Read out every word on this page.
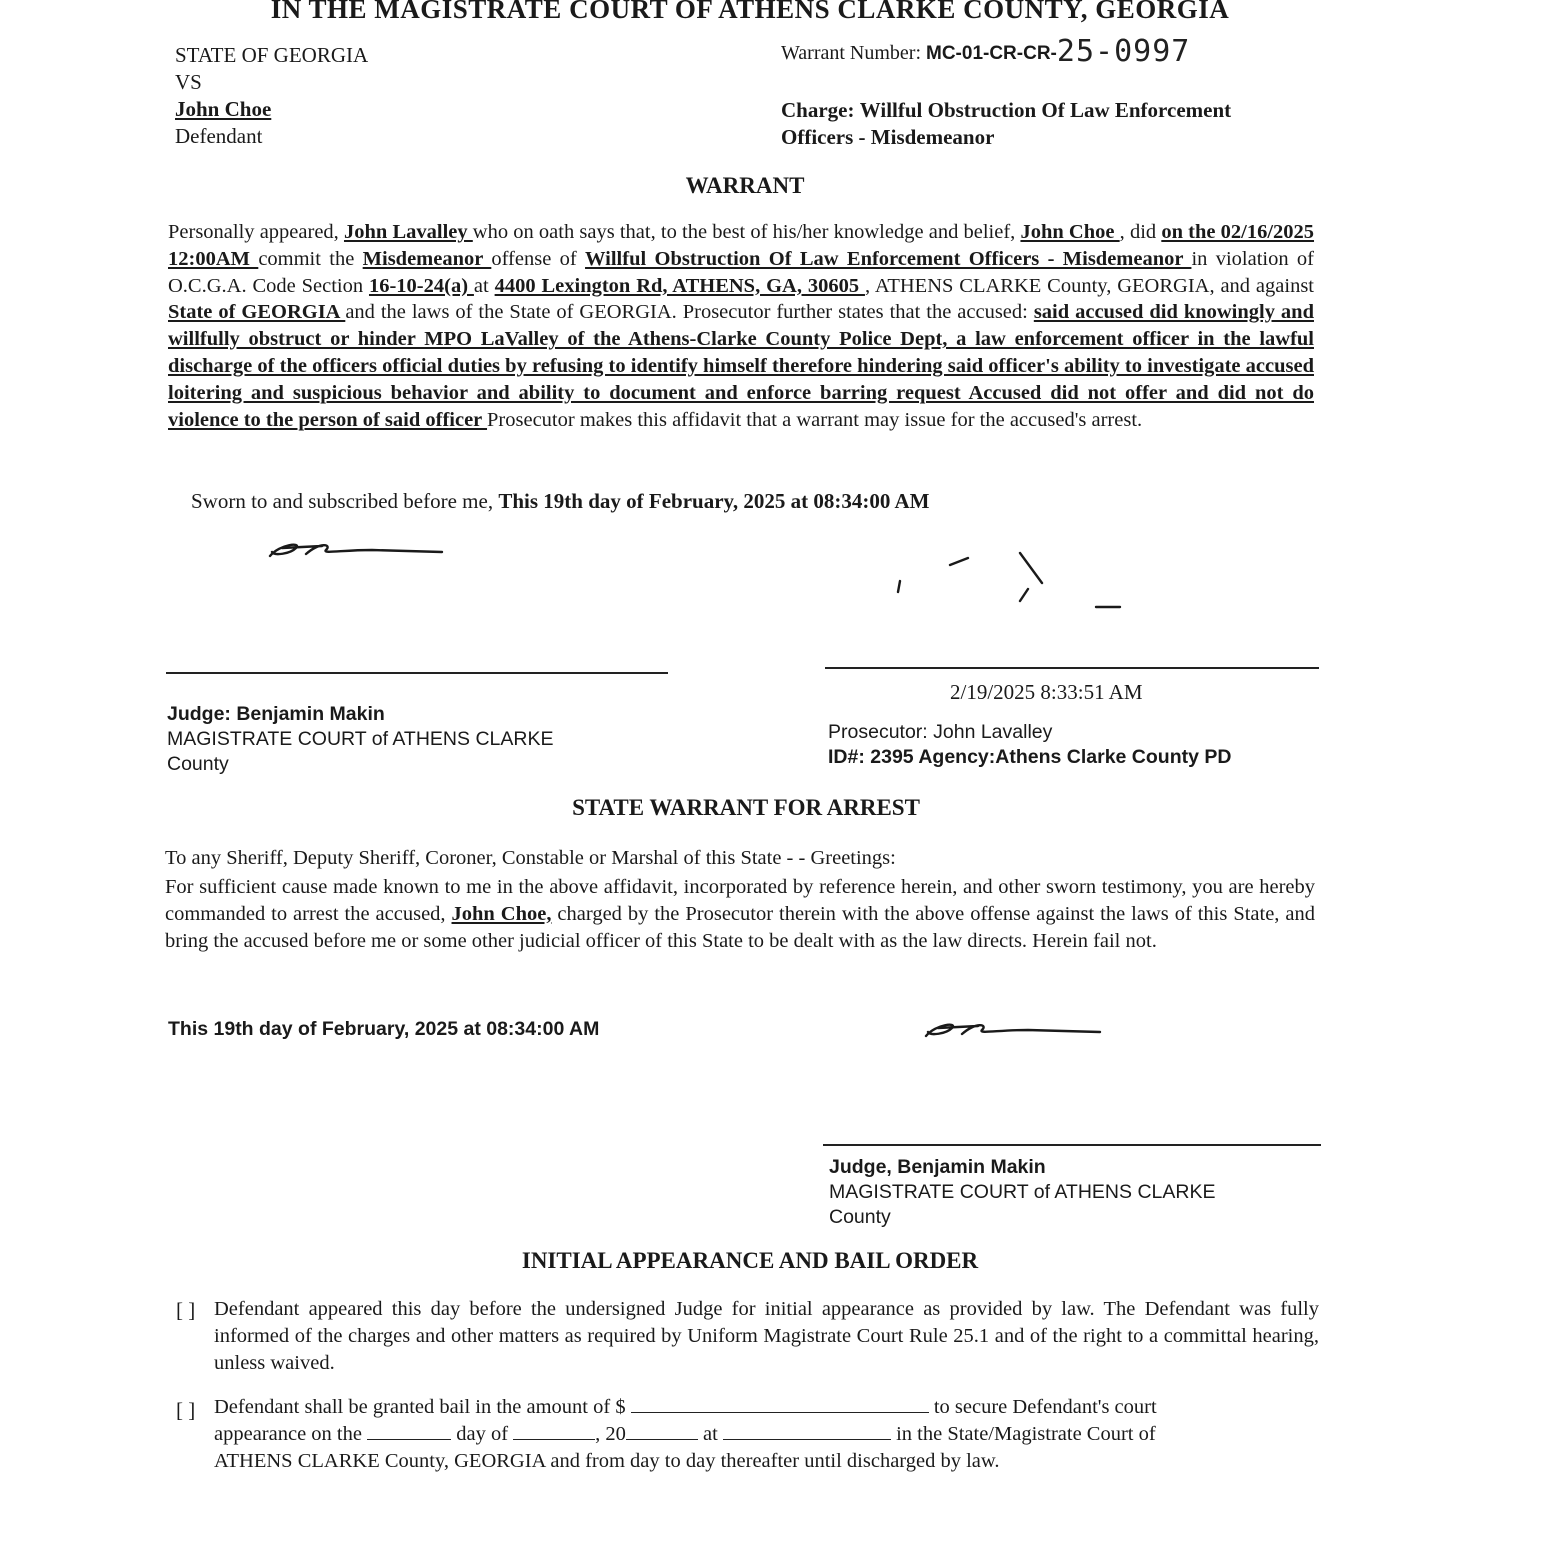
IN THE MAGISTRATE COURT OF ATHENS CLARKE COUNTY, GEORGIA
STATE OF GEORGIA
VS
John Choe
Defendant
Warrant Number: MC-01-CR-CR-25-0997
Charge: Willful Obstruction Of Law Enforcement
Officers - Misdemeanor
WARRANT
Personally appeared, John Lavalley who on oath says that, to the best of his/her knowledge and belief, John Choe , did on the 02/16/2025 12:00AM commit the Misdemeanor offense of Willful Obstruction Of Law Enforcement Officers - Misdemeanor in violation of O.C.G.A. Code Section 16-10-24(a) at 4400 Lexington Rd, ATHENS, GA, 30605 , ATHENS CLARKE County, GEORGIA, and against State of GEORGIA and the laws of the State of GEORGIA. Prosecutor further states that the accused: said accused did knowingly and willfully obstruct or hinder MPO LaValley of the Athens-Clarke County Police Dept, a law enforcement officer in the lawful discharge of the officers official duties by refusing to identify himself therefore hindering said officer's ability to investigate accused loitering and suspicious behavior and ability to document and enforce barring request Accused did not offer and did not do violence to the person of said officer Prosecutor makes this affidavit that a warrant may issue for the accused's arrest.
Sworn to and subscribed before me, This 19th day of February, 2025 at 08:34:00 AM
2/19/2025 8:33:51 AM
Judge: Benjamin Makin
MAGISTRATE COURT of ATHENS CLARKE
County
Prosecutor: John Lavalley
ID#: 2395 Agency:Athens Clarke County PD
STATE WARRANT FOR ARREST
To any Sheriff, Deputy Sheriff, Coroner, Constable or Marshal of this State - - Greetings:
For sufficient cause made known to me in the above affidavit, incorporated by reference herein, and other sworn testimony, you are hereby commanded to arrest the accused, John Choe, charged by the Prosecutor therein with the above offense against the laws of this State, and bring the accused before me or some other judicial officer of this State to be dealt with as the law directs. Herein fail not.
This 19th day of February, 2025 at 08:34:00 AM
Judge, Benjamin Makin
MAGISTRATE COURT of ATHENS CLARKE
County
INITIAL APPEARANCE AND BAIL ORDER
[ ] Defendant appeared this day before the undersigned Judge for initial appearance as provided by law. The Defendant was fully informed of the charges and other matters as required by Uniform Magistrate Court Rule 25.1 and of the right to a committal hearing, unless waived.
[ ] Defendant shall be granted bail in the amount of $	to secure Defendant's court
appearance on the	day of	, 20	at	in the State/Magistrate Court of
ATHENS CLARKE County, GEORGIA and from day to day thereafter until discharged by law.
